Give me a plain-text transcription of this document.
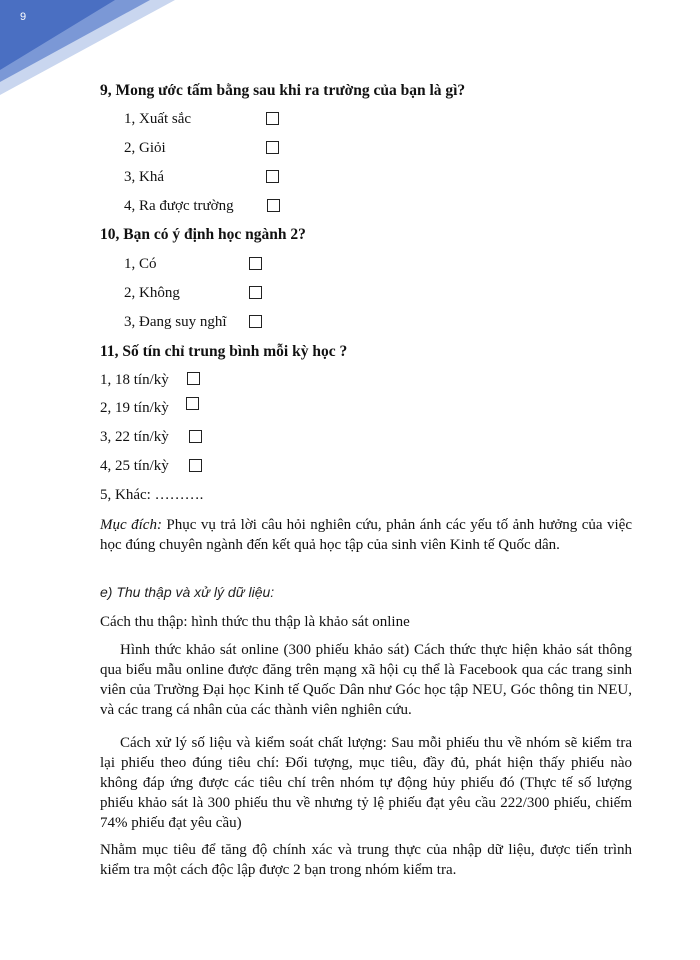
9
9, Mong ước tấm bằng sau khi ra trường của bạn là gì?
1, Xuất sắc
2, Giỏi
3, Khá
4, Ra được trường
10, Bạn có ý định học ngành 2?
1, Có
2, Không
3, Đang suy nghĩ
11, Số tín chỉ trung bình mỗi kỳ học ?
1, 18 tín/kỳ
2, 19 tín/kỳ
3, 22 tín/kỳ
4, 25 tín/kỳ
5, Khác: ……….
Mục đích: Phục vụ trả lời câu hỏi nghiên cứu, phản ánh các yếu tố ảnh hưởng của việc học đúng chuyên ngành đến kết quả học tập của sinh viên Kinh tế Quốc dân.
e) Thu thập và xử lý dữ liệu:
Cách thu thập: hình thức thu thập là khảo sát online
Hình thức khảo sát online (300 phiếu khảo sát) Cách thức thực hiện khảo sát thông qua biểu mẫu online được đăng trên mạng xã hội cụ thể là Facebook qua các trang sinh viên của Trường Đại học Kinh tế Quốc Dân như Góc học tập NEU, Góc thông tin NEU, và các trang cá nhân của các thành viên nghiên cứu.
Cách xử lý số liệu và kiểm soát chất lượng: Sau mỗi phiếu thu về nhóm sẽ kiểm tra lại phiếu theo đúng tiêu chí: Đối tượng, mục tiêu, đầy đủ, phát hiện thấy phiếu nào không đáp ứng được các tiêu chí trên nhóm tự động hủy phiếu đó (Thực tế số lượng phiếu khảo sát là 300 phiếu thu về nhưng tỷ lệ phiếu đạt yêu cầu 222/300 phiếu, chiếm 74% phiếu đạt yêu cầu)
Nhằm mục tiêu để tăng độ chính xác và trung thực của nhập dữ liệu, được tiến trình kiểm tra một cách độc lập được 2 bạn trong nhóm kiểm tra.
